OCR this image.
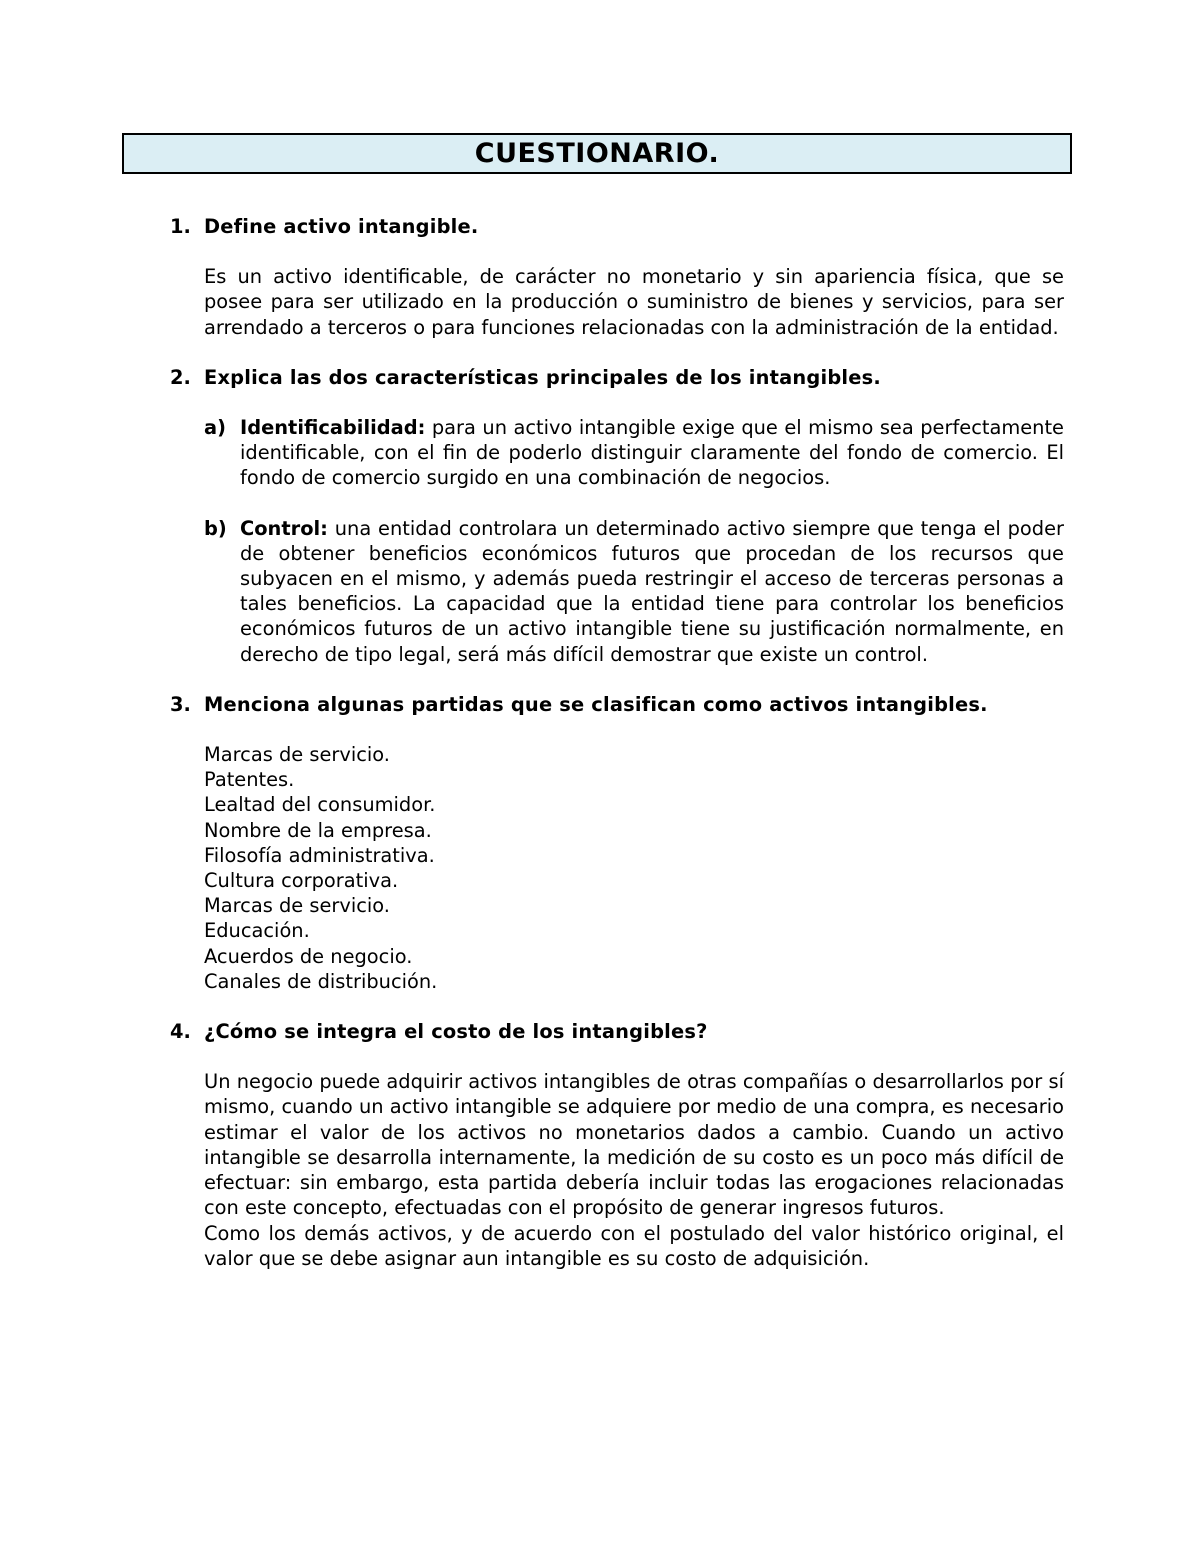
CUESTIONARIO.
1. Define activo intangible.

Es un activo identificable, de carácter no monetario y sin apariencia física, que se posee para ser utilizado en la producción o suministro de bienes y servicios, para ser arrendado a terceros o para funciones relacionadas con la administración de la entidad.

2. Explica las dos características principales de los intangibles.
a) Identificabilidad: para un activo intangible exige que el mismo sea perfectamente identificable, con el fin de poderlo distinguir claramente del fondo de comercio. El fondo de comercio surgido en una combinación de negocios.
b) Control: una entidad controlara un determinado activo siempre que tenga el poder de obtener beneficios económicos futuros que procedan de los recursos que subyacen en el mismo, y además pueda restringir el acceso de terceras personas a tales beneficios. La capacidad que la entidad tiene para controlar los beneficios económicos futuros de un activo intangible tiene su justificación normalmente, en derecho de tipo legal, será más difícil demostrar que existe un control.
3. Menciona algunas partidas que se clasifican como activos intangibles.
Marcas de servicio.
Patentes.
Lealtad del consumidor.
Nombre de la empresa.
Filosofía administrativa.
Cultura corporativa.
Marcas de servicio.
Educación.
Acuerdos de negocio.
Canales de distribución.
4. ¿Cómo se integra el costo de los intangibles?

Un negocio puede adquirir activos intangibles de otras compañías o desarrollarlos por sí mismo, cuando un activo intangible se adquiere por medio de una compra, es necesario estimar el valor de los activos no monetarios dados a cambio. Cuando un activo intangible se desarrolla internamente, la medición de su costo es un poco más difícil de efectuar: sin embargo, esta partida debería incluir todas las erogaciones relacionadas con este concepto, efectuadas con el propósito de generar ingresos futuros.

Como los demás activos, y de acuerdo con el postulado del valor histórico original, el valor que se debe asignar aun intangible es su costo de adquisición.
